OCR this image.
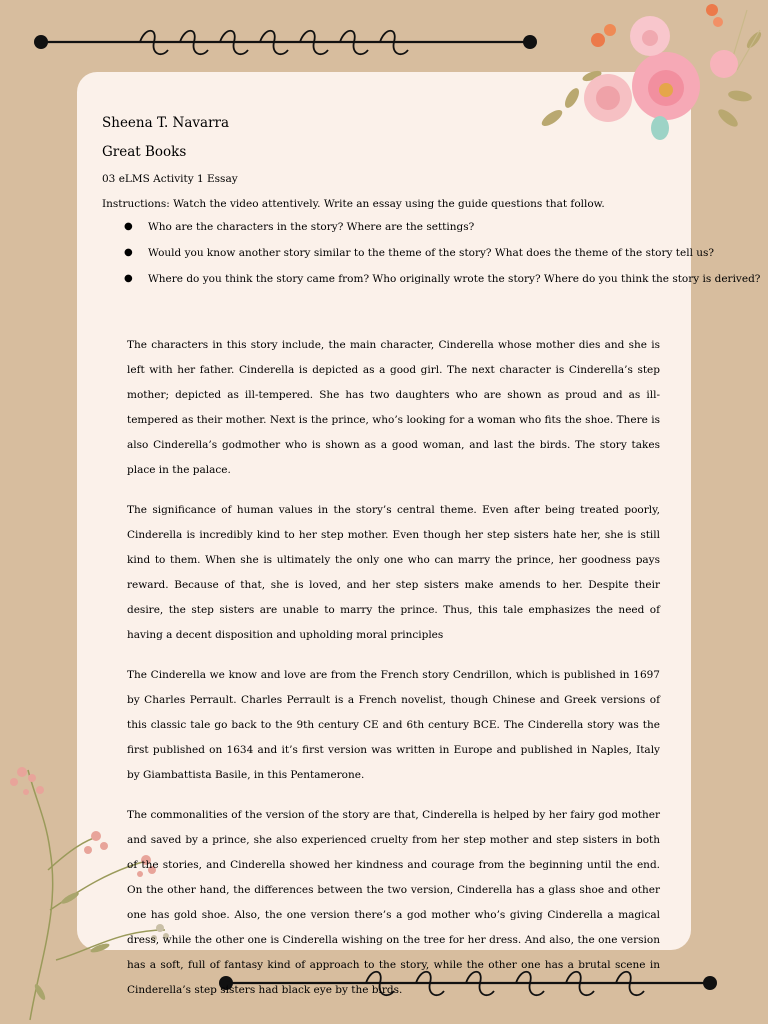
Sheena T. Navarra
Great Books
03 eLMS Activity 1 Essay
Instructions: Watch the video attentively. Write an essay using the guide questions that follow.
● Who are the characters in the story? Where are the settings?
● Would you know another story similar to the theme of the story? What does the theme of the story tell us?
● Where do you think the story came from? Who originally wrote the story? Where do you think the story is derived?

The characters in this story include, the main character, Cinderella whose mother dies and she is left with her father. Cinderella is depicted as a good girl. The next character is Cinderella’s step mother; depicted as ill-tempered. She has two daughters who are shown as proud and as ill-tempered as their mother. Next is the prince, who’s looking for a woman who fits the shoe. There is also Cinderella’s godmother who is shown as a good woman, and last the birds. The story takes place in the palace.

The significance of human values in the story’s central theme. Even after being treated poorly, Cinderella is incredibly kind to her step mother. Even though her step sisters hate her, she is still kind to them. When she is ultimately the only one who can marry the prince, her goodness pays reward. Because of that, she is loved, and her step sisters make amends to her. Despite their desire, the step sisters are unable to marry the prince. Thus, this tale emphasizes the need of having a decent disposition and upholding moral principles

The Cinderella we know and love are from the French story Cendrillon, which is published in 1697 by Charles Perrault. Charles Perrault is a French novelist, though Chinese and Greek versions of this classic tale go back to the 9th century CE and 6th century BCE. The Cinderella story was the first published on 1634 and it’s first version was written in Europe and published in Naples, Italy by Giambattista Basile, in this Pentamerone.

The commonalities of the version of the story are that, Cinderella is helped by her fairy god mother and saved by a prince, she also experienced cruelty from her step mother and step sisters in both of the stories, and Cinderella showed her kindness and courage from the beginning until the end. On the other hand, the differences between the two version, Cinderella has a glass shoe and other one has gold shoe. Also, the one version there’s a god mother who’s giving Cinderella a magical dress, while the other one is Cinderella wishing on the tree for her dress. And also, the one version has a soft, full of fantasy kind of approach to the story, while the other one has a brutal scene in Cinderella’s step sisters had black eye by the birds.
